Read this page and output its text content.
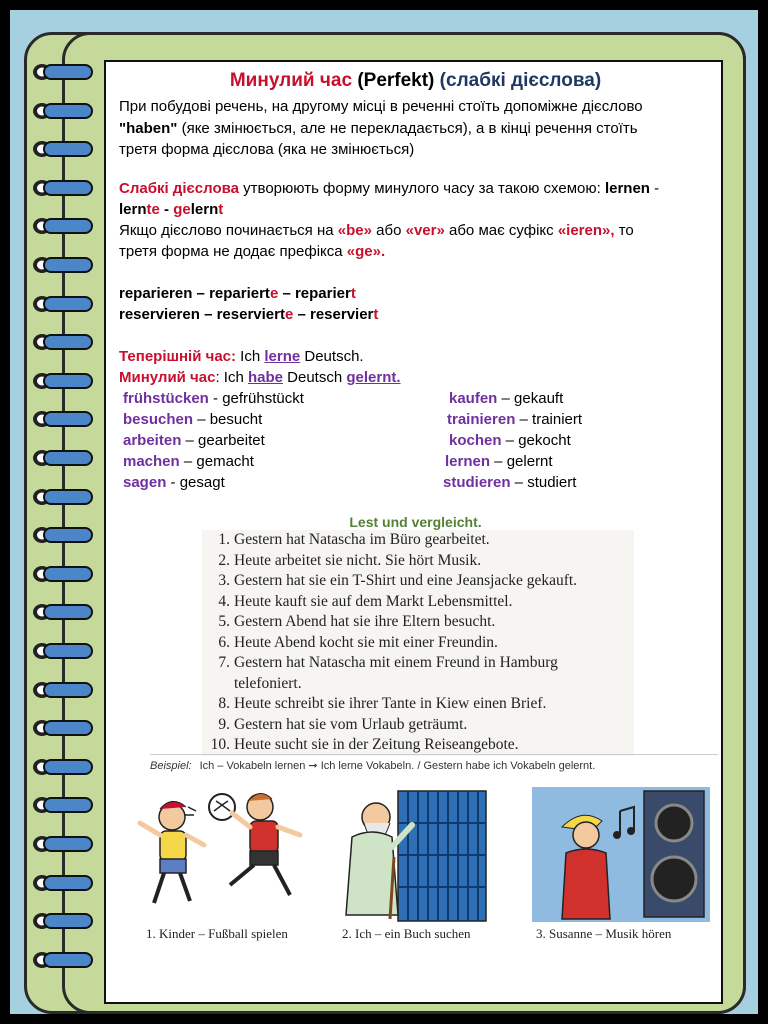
Минулий час (Perfekt) (слабкі дієслова)
При побудові речень, на другому місці в реченні стоїть допоміжне дієслово
"haben" (яке змінюється, але не перекладається), а в кінці речення стоїть
третя форма дієслова (яка не змінюється)
Слабкі дієслова утворюють форму минулого часу за такою схемою: lernen -
lernte - gelernt
Якщо дієслово починається на «be» або «ver» або має суфікс «ieren», то
третя форма не додає префікса «ge».
reparieren – reparierte – repariert
reservieren – reservierte – reserviert
Теперішній час: Ich lerne Deutsch.
Минулий час: Ich habe Deutsch gelernt.
frühstücken - gefrühstückt
besuchen – besucht
arbeiten – gearbeitet
machen – gemacht
sagen - gesagt
kaufen – gekauft
trainieren – trainiert
kochen – gekocht
lernen – gelernt
studieren – studiert
Lest und vergleicht.
1. Gestern hat Natascha im Büro gearbeitet.
2. Heute arbeitet sie nicht. Sie hört Musik.
3. Gestern hat sie ein T-Shirt und eine Jeansjacke gekauft.
4. Heute kauft sie auf dem Markt Lebensmittel.
5. Gestern Abend hat sie ihre Eltern besucht.
6. Heute Abend kocht sie mit einer Freundin.
7. Gestern hat Natascha mit einem Freund in Hamburg
telefoniert.
8. Heute schreibt sie ihrer Tante in Kiew einen Brief.
9. Gestern hat sie vom Urlaub geträumt.
10. Heute sucht sie in der Zeitung Reiseangebote.
Beispiel: Ich – Vokabeln lernen ➞ Ich lerne Vokabeln. / Gestern habe ich Vokabeln gelernt.
1. Kinder – Fußball spielen	2. Ich – ein Buch suchen	3. Susanne – Musik hören
